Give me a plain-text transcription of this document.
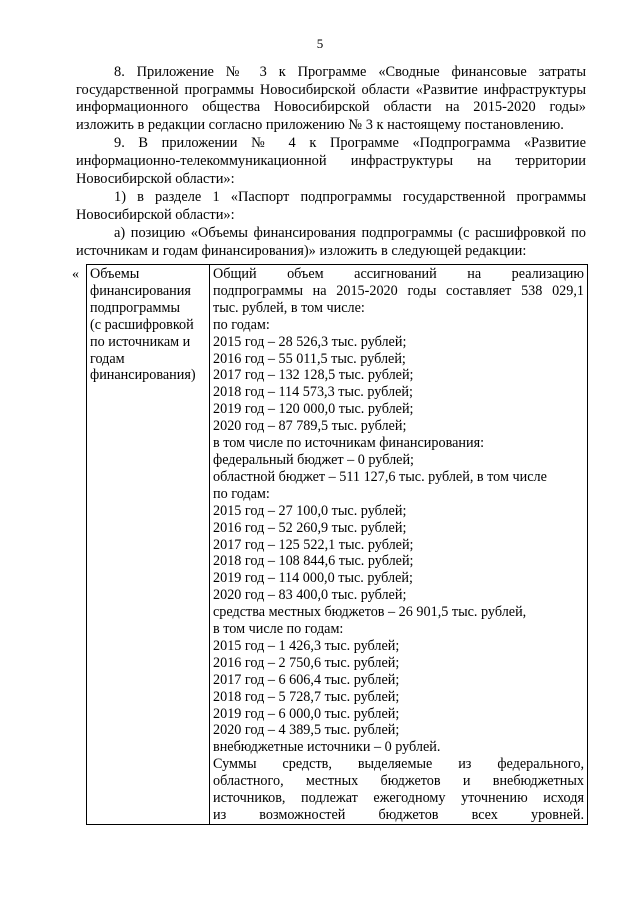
5

8. Приложение № 3 к Программе «Сводные финансовые затраты государственной программы Новосибирской области «Развитие инфраструктуры информационного общества Новосибирской области на 2015-2020 годы» изложить в редакции согласно приложению № 3 к настоящему постановлению.

9. В приложении № 4 к Программе «Подпрограмма «Развитие информационно-телекоммуникационной инфраструктуры на территории Новосибирской области»:

1) в разделе 1 «Паспорт подпрограммы государственной программы Новосибирской области»:

а) позицию «Объемы финансирования подпрограммы (с расшифровкой по источникам и годам финансирования)» изложить в следующей редакции:

« Объемы
финансирования
подпрограммы
(с расшифровкой
по источникам и
годам
финансирования)

Общий объем ассигнований на реализацию
подпрограммы на 2015-2020 годы составляет 538 029,1
тыс. рублей, в том числе:
по годам:
2015 год – 28 526,3 тыс. рублей;
2016 год – 55 011,5 тыс. рублей;
2017 год – 132 128,5 тыс. рублей;
2018 год – 114 573,3 тыс. рублей;
2019 год – 120 000,0 тыс. рублей;
2020 год – 87 789,5 тыс. рублей;
в том числе по источникам финансирования:
федеральный бюджет – 0 рублей;
областной бюджет – 511 127,6 тыс. рублей, в том числе
по годам:
2015 год – 27 100,0 тыс. рублей;
2016 год – 52 260,9 тыс. рублей;
2017 год – 125 522,1 тыс. рублей;
2018 год – 108 844,6 тыс. рублей;
2019 год – 114 000,0 тыс. рублей;
2020 год – 83 400,0 тыс. рублей;
средства местных бюджетов – 26 901,5 тыс. рублей,
в том числе по годам:
2015 год – 1 426,3 тыс. рублей;
2016 год – 2 750,6 тыс. рублей;
2017 год – 6 606,4 тыс. рублей;
2018 год – 5 728,7 тыс. рублей;
2019 год – 6 000,0 тыс. рублей;
2020 год – 4 389,5 тыс. рублей;
внебюджетные источники – 0 рублей.
Суммы средств, выделяемые из федерального,
областного, местных бюджетов и внебюджетных
источников, подлежат ежегодному уточнению исходя
из возможностей бюджетов всех уровней.
